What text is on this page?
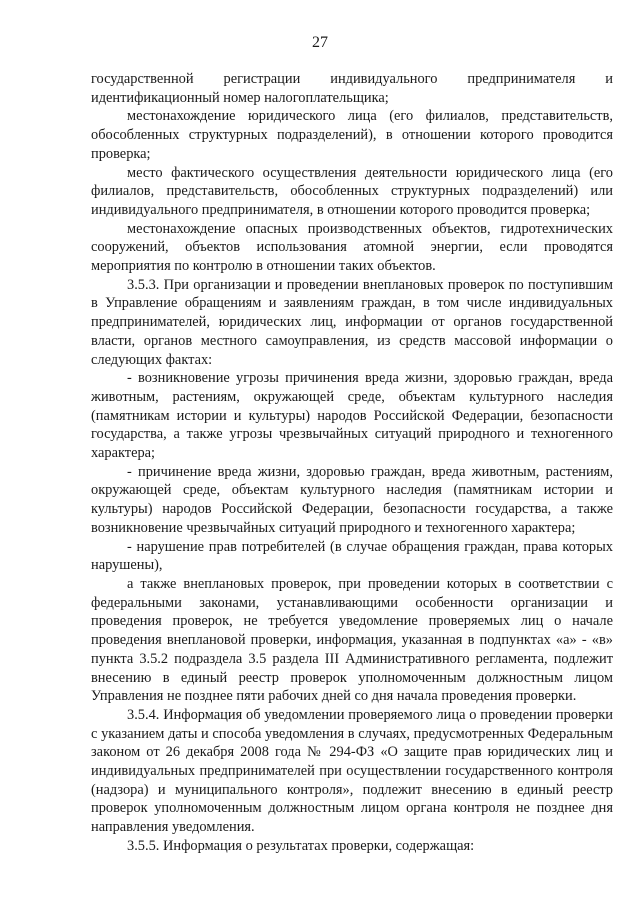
27

государственной регистрации индивидуального предпринимателя и идентификационный номер налогоплательщика;

местонахождение юридического лица (его филиалов, представительств, обособленных структурных подразделений), в отношении которого проводится проверка;

место фактического осуществления деятельности юридического лица (его филиалов, представительств, обособленных структурных подразделений) или индивидуального предпринимателя, в отношении которого проводится проверка;

местонахождение опасных производственных объектов, гидротехнических сооружений, объектов использования атомной энергии, если проводятся мероприятия по контролю в отношении таких объектов.

3.5.3. При организации и проведении внеплановых проверок по поступившим в Управление обращениям и заявлениям граждан, в том числе индивидуальных предпринимателей, юридических лиц, информации от органов государственной власти, органов местного самоуправления, из средств массовой информации о следующих фактах:

- возникновение угрозы причинения вреда жизни, здоровью граждан, вреда животным, растениям, окружающей среде, объектам культурного наследия (памятникам истории и культуры) народов Российской Федерации, безопасности государства, а также угрозы чрезвычайных ситуаций природного и техногенного характера;

- причинение вреда жизни, здоровью граждан, вреда животным, растениям, окружающей среде, объектам культурного наследия (памятникам истории и культуры) народов Российской Федерации, безопасности государства, а также возникновение чрезвычайных ситуаций природного и техногенного характера;

- нарушение прав потребителей (в случае обращения граждан, права которых нарушены),

а также внеплановых проверок, при проведении которых в соответствии с федеральными законами, устанавливающими особенности организации и проведения проверок, не требуется уведомление проверяемых лиц о начале проведения внеплановой проверки, информация, указанная в подпунктах «а» - «в» пункта 3.5.2 подраздела 3.5 раздела III Административного регламента, подлежит внесению в единый реестр проверок уполномоченным должностным лицом Управления не позднее пяти рабочих дней со дня начала проведения проверки.

3.5.4. Информация об уведомлении проверяемого лица о проведении проверки с указанием даты и способа уведомления в случаях, предусмотренных Федеральным законом от 26 декабря 2008 года № 294-ФЗ «О защите прав юридических лиц и индивидуальных предпринимателей при осуществлении государственного контроля (надзора) и муниципального контроля», подлежит внесению в единый реестр проверок уполномоченным должностным лицом органа контроля не позднее дня направления уведомления.

3.5.5. Информация о результатах проверки, содержащая:
